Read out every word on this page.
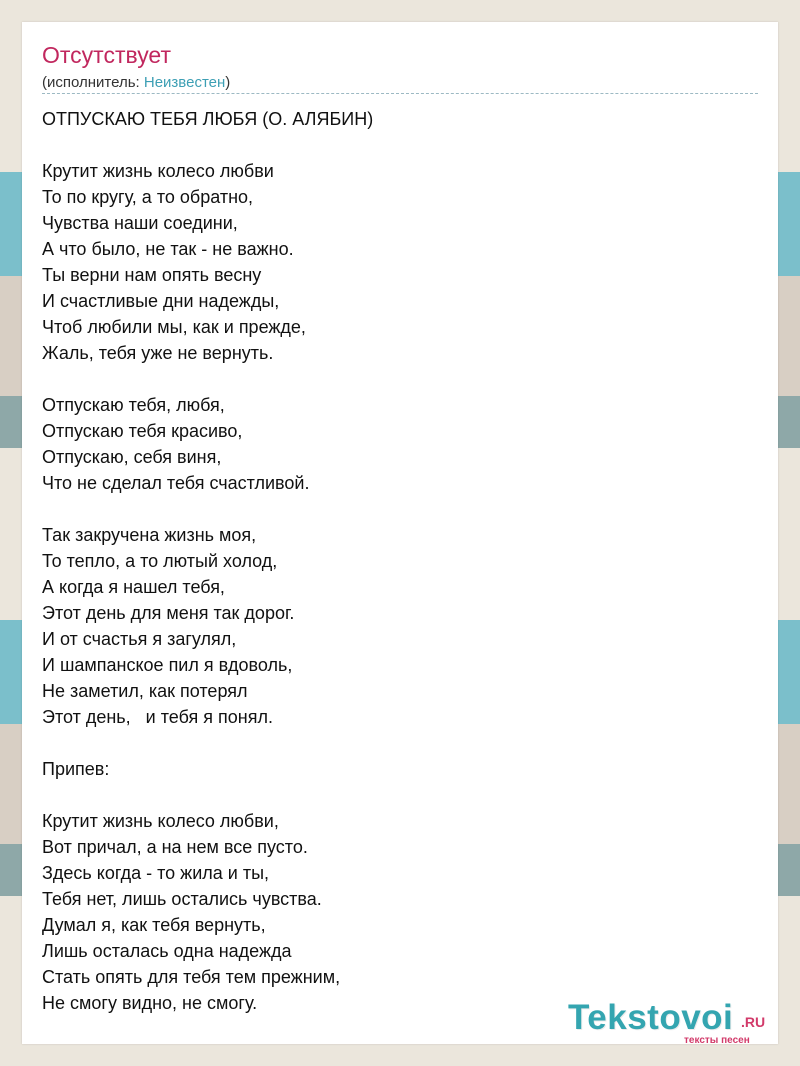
Отсутствует
(исполнитель: Неизвестен)
ОТПУСКАЮ ТЕБЯ ЛЮБЯ (О. АЛЯБИН)

Крутит жизнь колесо любви
То по кругу, а то обратно,
Чувства наши соедини,
А что было, не так - не важно.
Ты верни нам опять весну
И счастливые дни надежды,
Чтоб любили мы, как и прежде,
Жаль, тебя уже не вернуть.

Отпускаю тебя, любя,
Отпускаю тебя красиво,
Отпускаю, себя виня,
Что не сделал тебя счастливой.

Так закручена жизнь моя,
То тепло, а то лютый холод,
А когда я нашел тебя,
Этот день для меня так дорог.
И от счастья я загулял,
И шампанское пил я вдоволь,
Не заметил, как потерял
Этот день,   и тебя я понял.

Припев:

Крутит жизнь колесо любви,
Вот причал, а на нем все пусто.
Здесь когда - то жила и ты,
Тебя нет, лишь остались чувства.
Думал я, как тебя вернуть,
Лишь осталась одна надежда
Стать опять для тебя тем прежним,
Не смогу видно, не смогу.	Tekstovoi .RU
тексты песен
